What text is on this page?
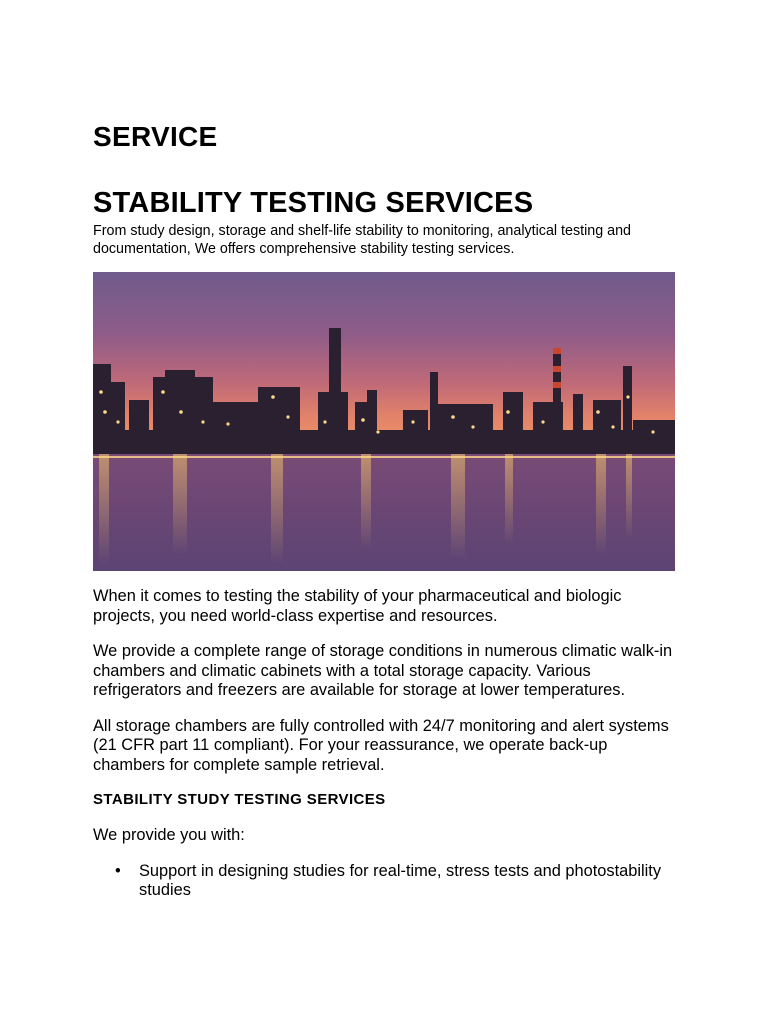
SERVICE
STABILITY TESTING SERVICES

From study design, storage and shelf-life stability to monitoring, analytical testing and documentation, We offers comprehensive stability testing services.

When it comes to testing the stability of your pharmaceutical and biologic projects, you need world-class expertise and resources.

We provide a complete range of storage conditions in numerous climatic walk-in chambers and climatic cabinets with a total storage capacity. Various refrigerators and freezers are available for storage at lower temperatures.

All storage chambers are fully controlled with 24/7 monitoring and alert systems (21 CFR part 11 compliant). For your reassurance, we operate back-up chambers for complete sample retrieval.

STABILITY STUDY TESTING SERVICES

We provide you with:

• Support in designing studies for real-time, stress tests and photostability studies
